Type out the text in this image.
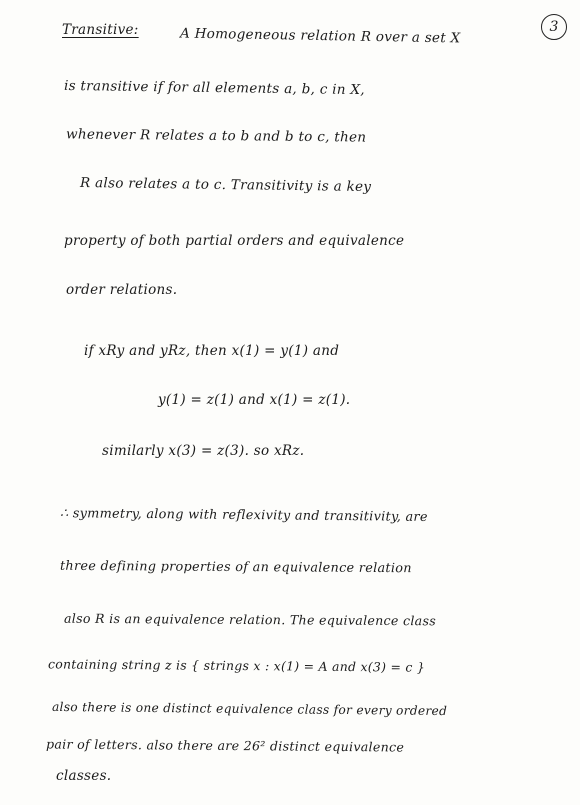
3
Transitive:	A Homogeneous relation R over a set X
is transitive if for all elements a, b, c in X,
whenever R relates a to b and b to c, then
R also relates a to c. Transitivity is a key
property of both partial orders and equivalence
order relations.
if xRy and yRz, then x(1) = y(1) and
y(1) = z(1) and x(1) = z(1).
similarly x(3) = z(3). so xRz.
∴ symmetry, along with reflexivity and transitivity, are
three defining properties of an equivalence relation
also R is an equivalence relation. The equivalence class
containing string z is { strings x : x(1) = A and x(3) = c }
also there is one distinct equivalence class for every ordered
pair of letters. also there are 26² distinct equivalence
classes.
